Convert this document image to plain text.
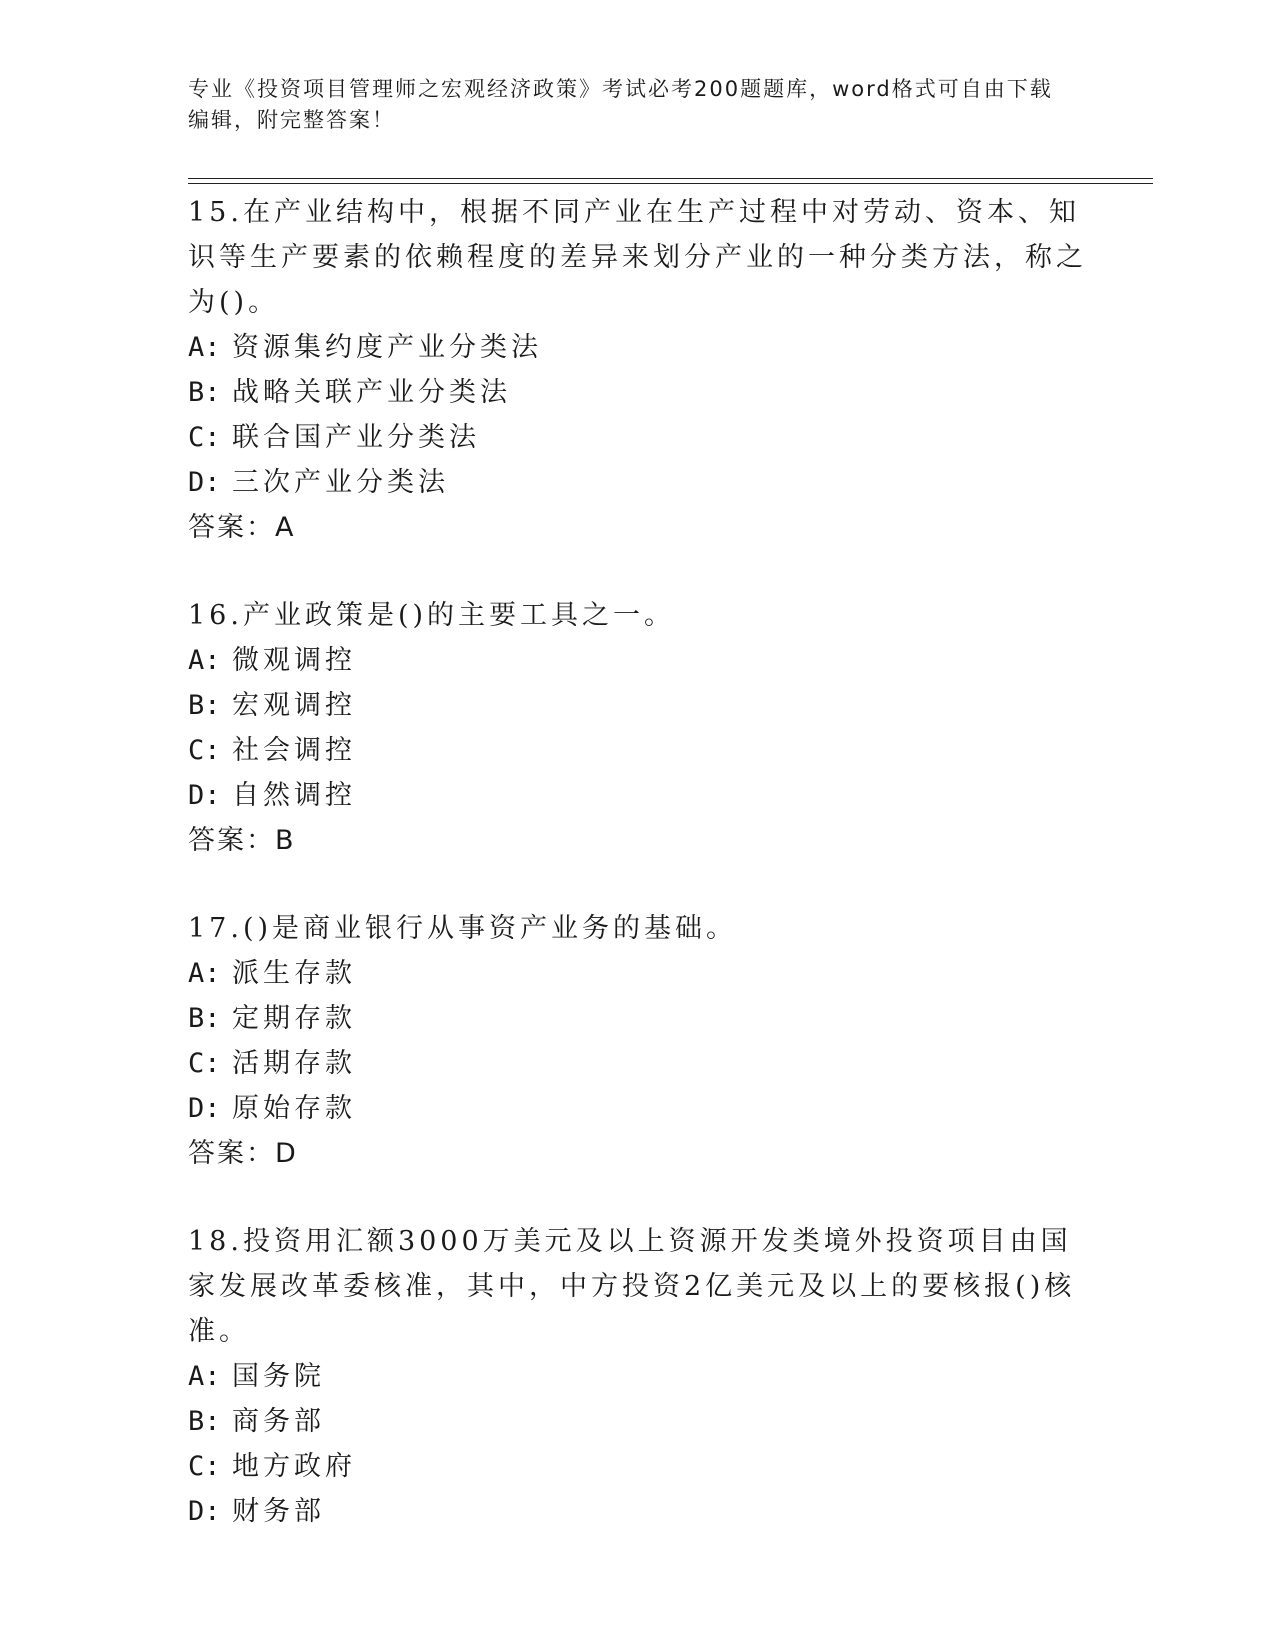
专业《投资项目管理师之宏观经济政策》考试必考200题题库，word格式可自由下载编辑，附完整答案！

15.在产业结构中，根据不同产业在生产过程中对劳动、资本、知识等生产要素的依赖程度的差异来划分产业的一种分类方法，称之为()。

A: 资源集约度产业分类法
B: 战略关联产业分类法
C: 联合国产业分类法
D: 三次产业分类法
答案：A

16.产业政策是()的主要工具之一。

A: 微观调控
B: 宏观调控
C: 社会调控
D: 自然调控
答案：B

17.()是商业银行从事资产业务的基础。

A: 派生存款
B: 定期存款
C: 活期存款
D: 原始存款
答案：D

18.投资用汇额3000万美元及以上资源开发类境外投资项目由国家发展改革委核准，其中，中方投资2亿美元及以上的要核报()核准。

A: 国务院
B: 商务部
C: 地方政府
D: 财务部
